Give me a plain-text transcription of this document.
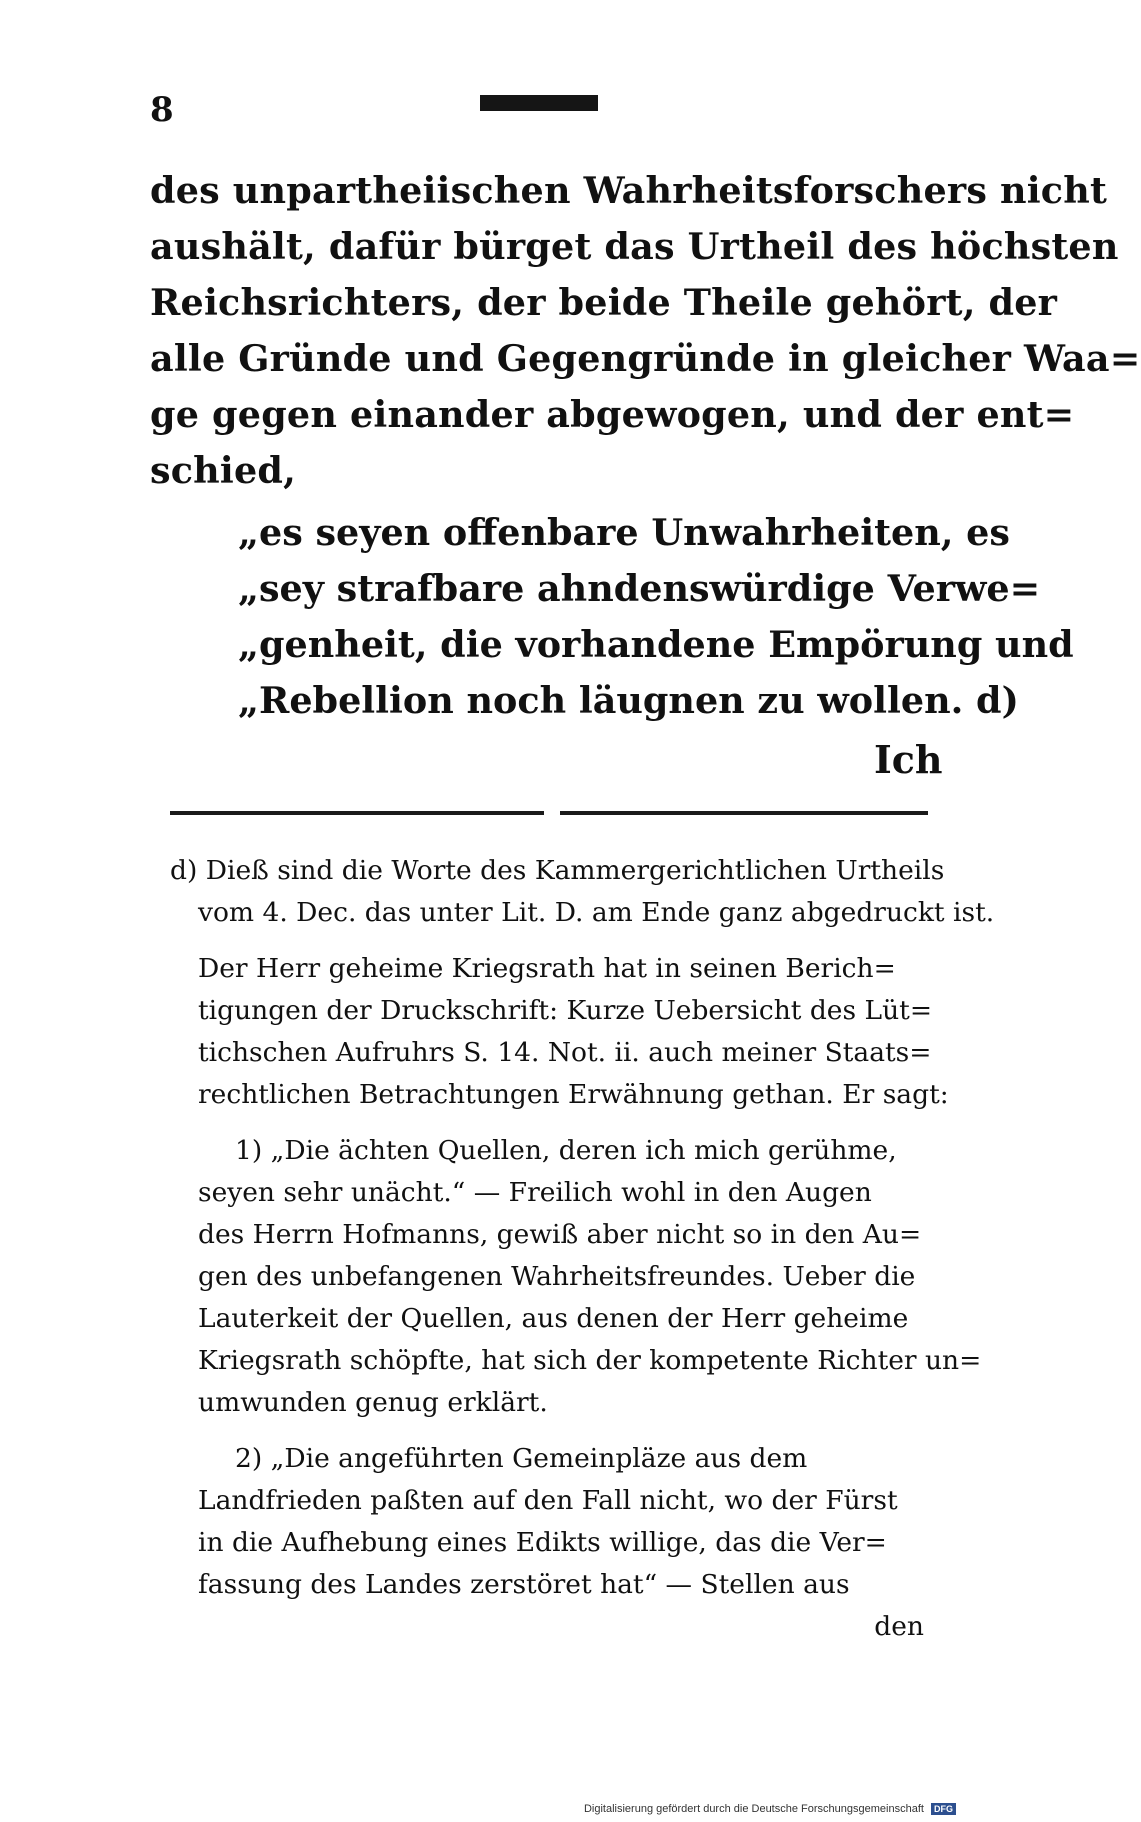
8
des unpartheiischen Wahrheitsforschers nicht
aushält, dafür bürget das Urtheil des höchsten
Reichsrichters, der beide Theile gehört, der
alle Gründe und Gegengründe in gleicher Waa=
ge gegen einander abgewogen, und der ent=
schied,
„es seyen offenbare Unwahrheiten, es
„sey strafbare ahndenswürdige Verwe=
„genheit, die vorhandene Empörung und
„Rebellion noch läugnen zu wollen. d)
Ich
d) Dieß sind die Worte des Kammergerichtlichen Urtheils
vom 4. Dec. das unter Lit. D. am Ende ganz abgedruckt ist.
Der Herr geheime Kriegsrath hat in seinen Berich=
tigungen der Druckschrift: Kurze Uebersicht des Lüt=
tichschen Aufruhrs S. 14. Not. ii. auch meiner Staats=
rechtlichen Betrachtungen Erwähnung gethan. Er sagt:
1) „Die ächten Quellen, deren ich mich gerühme,
seyen sehr unächt.“ — Freilich wohl in den Augen
des Herrn Hofmanns, gewiß aber nicht so in den Au=
gen des unbefangenen Wahrheitsfreundes. Ueber die
Lauterkeit der Quellen, aus denen der Herr geheime
Kriegsrath schöpfte, hat sich der kompetente Richter un=
umwunden genug erklärt.
2) „Die angeführten Gemeinpläze aus dem
Landfrieden paßten auf den Fall nicht, wo der Fürst
in die Aufhebung eines Edikts willige, das die Ver=
fassung des Landes zerstöret hat“ — Stellen aus
den
Digitalisierung gefördert durch die Deutsche Forschungsgemeinschaft DFG
